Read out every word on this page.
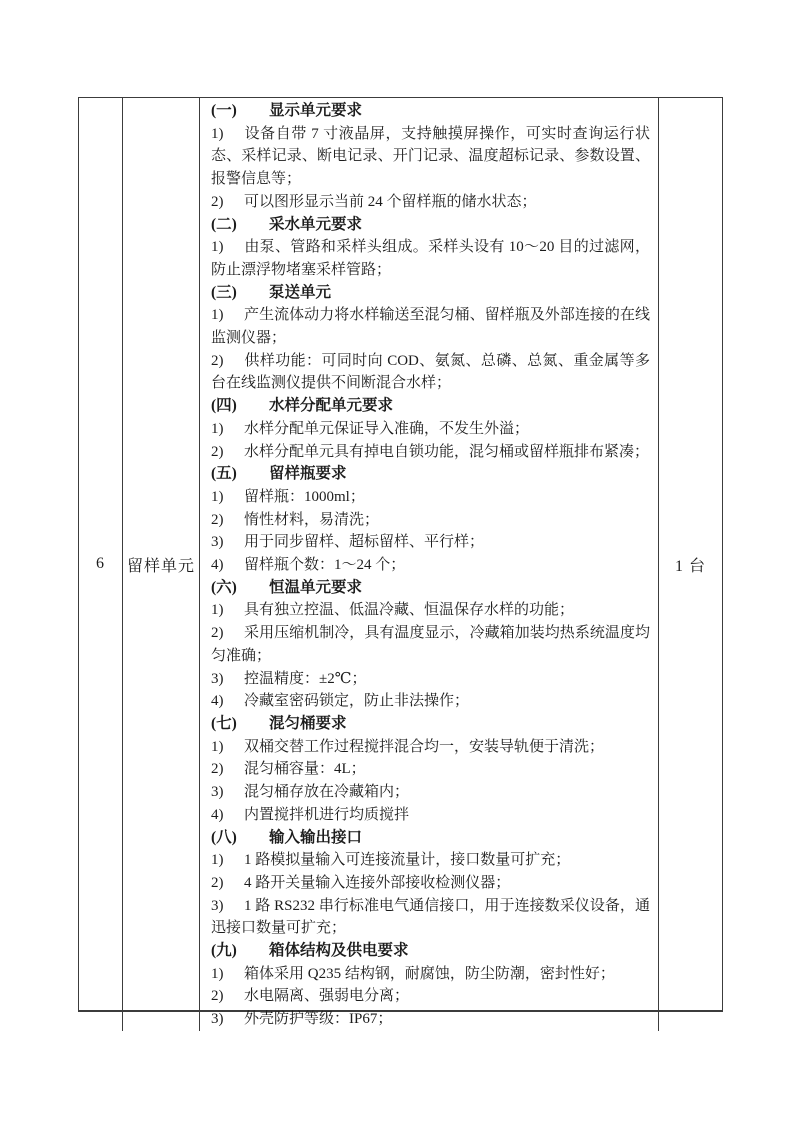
6 留样单元
(一) 显示单元要求
1) 设备自带 7 寸液晶屏，支持触摸屏操作，可实时查询运行状态、采样记录、断电记录、开门记录、温度超标记录、参数设置、报警信息等；
2) 可以图形显示当前 24 个留样瓶的储水状态；
(二) 采水单元要求
1) 由泵、管路和采样头组成。采样头设有 10～20 目的过滤网，防止漂浮物堵塞采样管路；
(三) 泵送单元
1) 产生流体动力将水样输送至混匀桶、留样瓶及外部连接的在线监测仪器；
2) 供样功能：可同时向 COD、氨氮、总磷、总氮、重金属等多台在线监测仪提供不间断混合水样；
(四) 水样分配单元要求
1) 水样分配单元保证导入准确，不发生外溢；
2) 水样分配单元具有掉电自锁功能，混匀桶或留样瓶排布紧凑；
(五) 留样瓶要求
1) 留样瓶：1000ml；
2) 惰性材料，易清洗；
3) 用于同步留样、超标留样、平行样；
4) 留样瓶个数：1～24 个；
(六) 恒温单元要求
1) 具有独立控温、低温冷藏、恒温保存水样的功能；
2) 采用压缩机制冷，具有温度显示，冷藏箱加装均热系统温度均匀准确；
3) 控温精度：±2℃；
4) 冷藏室密码锁定，防止非法操作；
(七) 混匀桶要求
1) 双桶交替工作过程搅拌混合均一，安装导轨便于清洗；
2) 混匀桶容量：4L；
3) 混匀桶存放在冷藏箱内；
4) 内置搅拌机进行均质搅拌
(八) 输入输出接口
1) 1 路模拟量输入可连接流量计，接口数量可扩充；
2) 4 路开关量输入连接外部接收检测仪器；
3) 1 路 RS232 串行标准电气通信接口，用于连接数采仪设备，通迅接口数量可扩充；
(九) 箱体结构及供电要求
1) 箱体采用 Q235 结构钢，耐腐蚀，防尘防潮，密封性好；
2) 水电隔离、强弱电分离；
3) 外壳防护等级：IP67；
1 台
